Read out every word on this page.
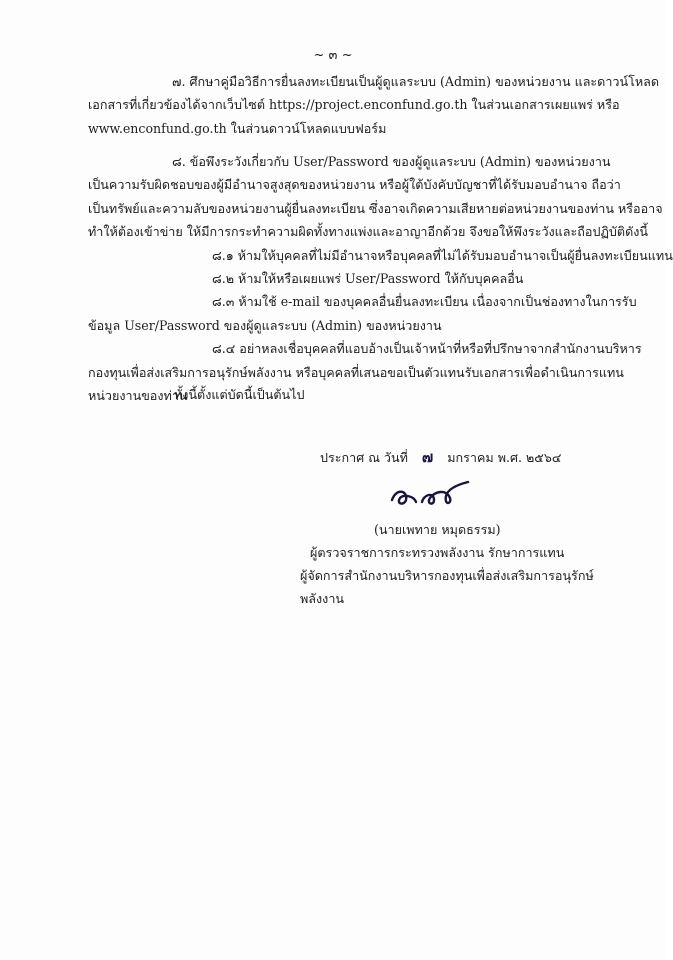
~ ๓ ~
๗. ศึกษาคู่มือวิธีการยื่นลงทะเบียนเป็นผู้ดูแลระบบ (Admin) ของหน่วยงาน และดาวน์โหลด
เอกสารที่เกี่ยวข้องได้จากเว็บไซต์ https://project.enconfund.go.th ในส่วนเอกสารเผยแพร่ หรือ
www.enconfund.go.th ในส่วนดาวน์โหลดแบบฟอร์ม
๘. ข้อพึงระวังเกี่ยวกับ User/Password ของผู้ดูแลระบบ (Admin) ของหน่วยงาน
เป็นความรับผิดชอบของผู้มีอำนาจสูงสุดของหน่วยงาน หรือผู้ใต้บังคับบัญชาที่ได้รับมอบอำนาจ ถือว่า
เป็นทรัพย์และความลับของหน่วยงานผู้ยื่นลงทะเบียน ซึ่งอาจเกิดความเสียหายต่อหน่วยงานของท่าน หรืออาจ
ทำให้ต้องเข้าข่าย ให้มีการกระทำความผิดทั้งทางแพ่งและอาญาอีกด้วย จึงขอให้พึงระวังและถือปฏิบัติดังนี้
๘.๑ ห้ามให้บุคคลที่ไม่มีอำนาจหรือบุคคลที่ไม่ได้รับมอบอำนาจเป็นผู้ยื่นลงทะเบียนแทน
๘.๒ ห้ามให้หรือเผยแพร่ User/Password ให้กับบุคคลอื่น
๘.๓ ห้ามใช้ e-mail ของบุคคลอื่นยื่นลงทะเบียน เนื่องจากเป็นช่องทางในการรับ
ข้อมูล User/Password ของผู้ดูแลระบบ (Admin) ของหน่วยงาน
๘.๔ อย่าหลงเชื่อบุคคลที่แอบอ้างเป็นเจ้าหน้าที่หรือที่ปรึกษาจากสำนักงานบริหาร
กองทุนเพื่อส่งเสริมการอนุรักษ์พลังงาน หรือบุคคลที่เสนอขอเป็นตัวแทนรับเอกสารเพื่อดำเนินการแทน
หน่วยงานของท่าน
ทั้งนี้ตั้งแต่บัดนี้เป็นต้นไป
ประกาศ ณ วันที่ ๗ มกราคม พ.ศ. ๒๕๖๔
(นายเพทาย หมุดธรรม)
ผู้ตรวจราชการกระทรวงพลังงาน รักษาการแทน
ผู้จัดการสำนักงานบริหารกองทุนเพื่อส่งเสริมการอนุรักษ์พลังงาน
